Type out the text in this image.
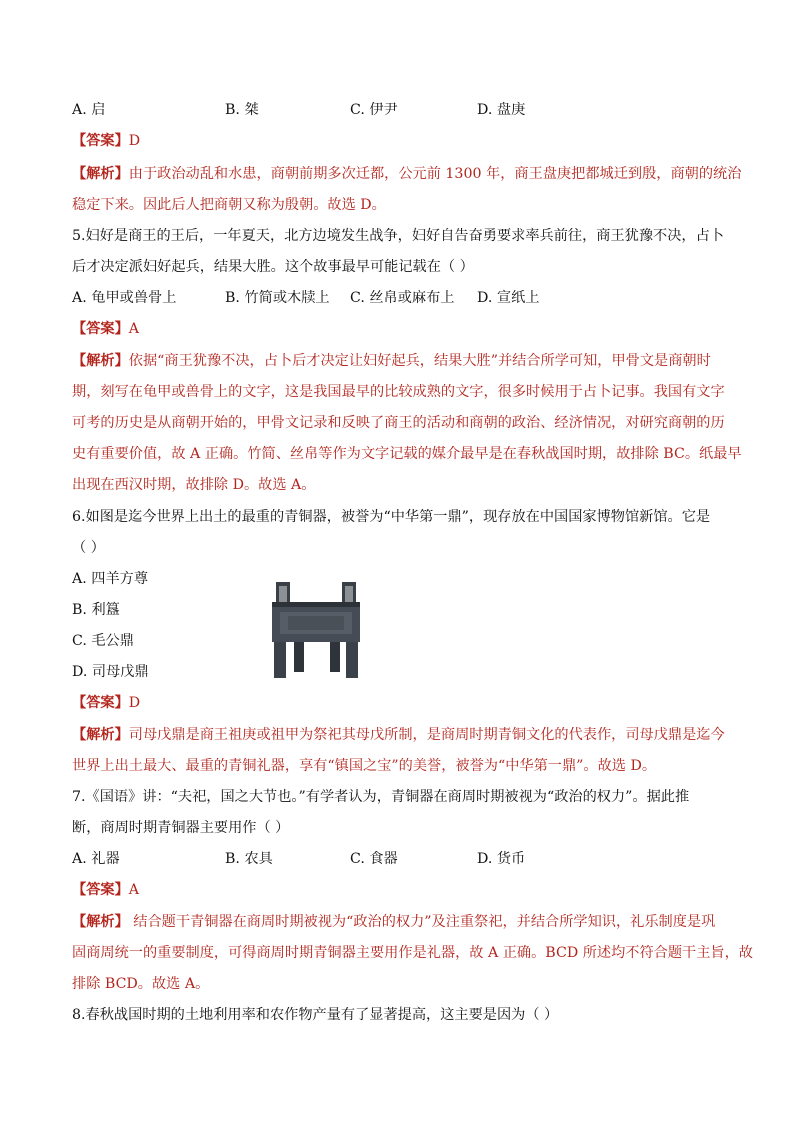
A. 启	B. 桀	C. 伊尹	D. 盘庚
【答案】D
【解析】由于政治动乱和水患，商朝前期多次迁都，公元前 1300 年，商王盘庚把都城迁到殷，商朝的统治
稳定下来。因此后人把商朝又称为殷朝。故选 D。
5.妇好是商王的王后，一年夏天，北方边境发生战争，妇好自告奋勇要求率兵前往，商王犹豫不决，占卜
后才决定派妇好起兵，结果大胜。这个故事最早可能记载在（ ）
A. 龟甲或兽骨上	B. 竹简或木牍上 C. 丝帛或麻布上 D. 宣纸上
【答案】A
【解析】依据“商王犹豫不决，占卜后才决定让妇好起兵，结果大胜”并结合所学可知，甲骨文是商朝时
期，刻写在龟甲或兽骨上的文字，这是我国最早的比较成熟的文字，很多时候用于占卜记事。我国有文字
可考的历史是从商朝开始的，甲骨文记录和反映了商王的活动和商朝的政治、经济情况，对研究商朝的历
史有重要价值，故 A 正确。竹简、丝帛等作为文字记载的媒介最早是在春秋战国时期，故排除 BC。纸最早
出现在西汉时期，故排除 D。故选 A。
6.如图是迄今世界上出土的最重的青铜器，被誉为“中华第一鼎”，现存放在中国国家博物馆新馆。它是
（ ）
A. 四羊方尊
B. 利簋
C. 毛公鼎
D. 司母戊鼎
【答案】D
【解析】司母戊鼎是商王祖庚或祖甲为祭祀其母戊所制，是商周时期青铜文化的代表作，司母戊鼎是迄今
世界上出土最大、最重的青铜礼器，享有“镇国之宝”的美誉，被誉为“中华第一鼎”。故选 D。
7.《国语》讲：“夫祀，国之大节也。”有学者认为，青铜器在商周时期被视为“政治的权力”。据此推
断，商周时期青铜器主要用作（ ）
A. 礼器	B. 农具	C. 食器	D. 货币
【答案】A
【解析】 结合题干青铜器在商周时期被视为“政治的权力”及注重祭祀，并结合所学知识，礼乐制度是巩
固商周统一的重要制度，可得商周时期青铜器主要用作是礼器，故 A 正确。BCD 所述均不符合题干主旨，故
排除 BCD。故选 A。
8.春秋战国时期的土地利用率和农作物产量有了显著提高，这主要是因为（ ）
